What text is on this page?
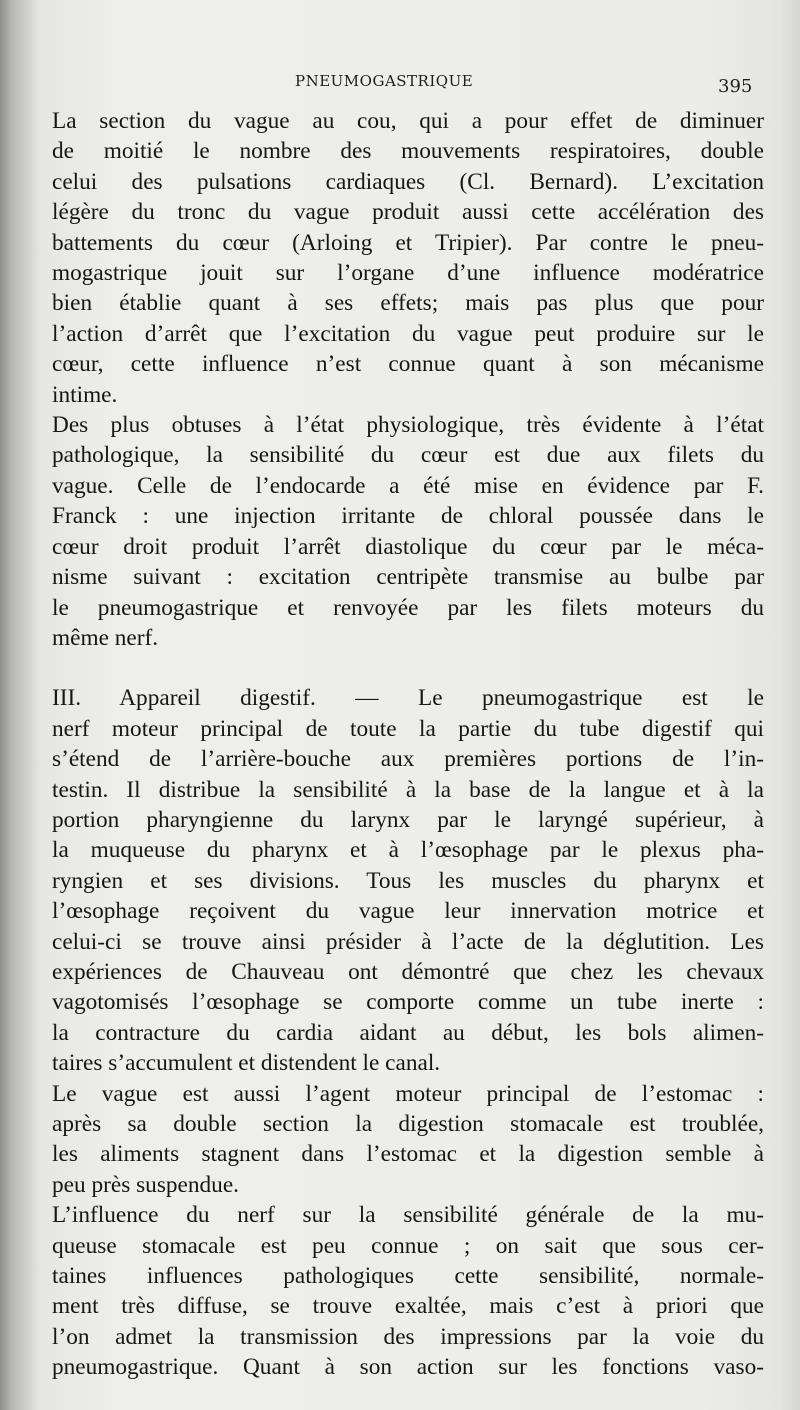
PNEUMOGASTRIQUE	395

La section du vague au cou, qui a pour effet de diminuer
de moitié le nombre des mouvements respiratoires, double
celui des pulsations cardiaques (Cl. Bernard). L’excitation
légère du tronc du vague produit aussi cette accélération des
battements du cœur (Arloing et Tripier). Par contre le pneu-
mogastrique jouit sur l’organe d’une influence modératrice
bien établie quant à ses effets; mais pas plus que pour
l’action d’arrêt que l’excitation du vague peut produire sur le
cœur, cette influence n’est connue quant à son mécanisme
intime.

Des plus obtuses à l’état physiologique, très évidente à l’état
pathologique, la sensibilité du cœur est due aux filets du
vague. Celle de l’endocarde a été mise en évidence par F.
Franck : une injection irritante de chloral poussée dans le
cœur droit produit l’arrêt diastolique du cœur par le méca-
nisme suivant : excitation centripète transmise au bulbe par
le pneumogastrique et renvoyée par les filets moteurs du
même nerf.

III. Appareil digestif. — Le pneumogastrique est le
nerf moteur principal de toute la partie du tube digestif qui
s’étend de l’arrière-bouche aux premières portions de l’in-
testin. Il distribue la sensibilité à la base de la langue et à la
portion pharyngienne du larynx par le laryngé supérieur, à
la muqueuse du pharynx et à l’œsophage par le plexus pha-
ryngien et ses divisions. Tous les muscles du pharynx et
l’œsophage reçoivent du vague leur innervation motrice et
celui-ci se trouve ainsi présider à l’acte de la déglutition. Les
expériences de Chauveau ont démontré que chez les chevaux
vagotomisés l’œsophage se comporte comme un tube inerte :
la contracture du cardia aidant au début, les bols alimen-
taires s’accumulent et distendent le canal.

Le vague est aussi l’agent moteur principal de l’estomac :
après sa double section la digestion stomacale est troublée,
les aliments stagnent dans l’estomac et la digestion semble à
peu près suspendue.

L’influence du nerf sur la sensibilité générale de la mu-
queuse stomacale est peu connue ; on sait que sous cer-
taines influences pathologiques cette sensibilité, normale-
ment très diffuse, se trouve exaltée, mais c’est à priori que
l’on admet la transmission des impressions par la voie du
pneumogastrique. Quant à son action sur les fonctions vaso-
